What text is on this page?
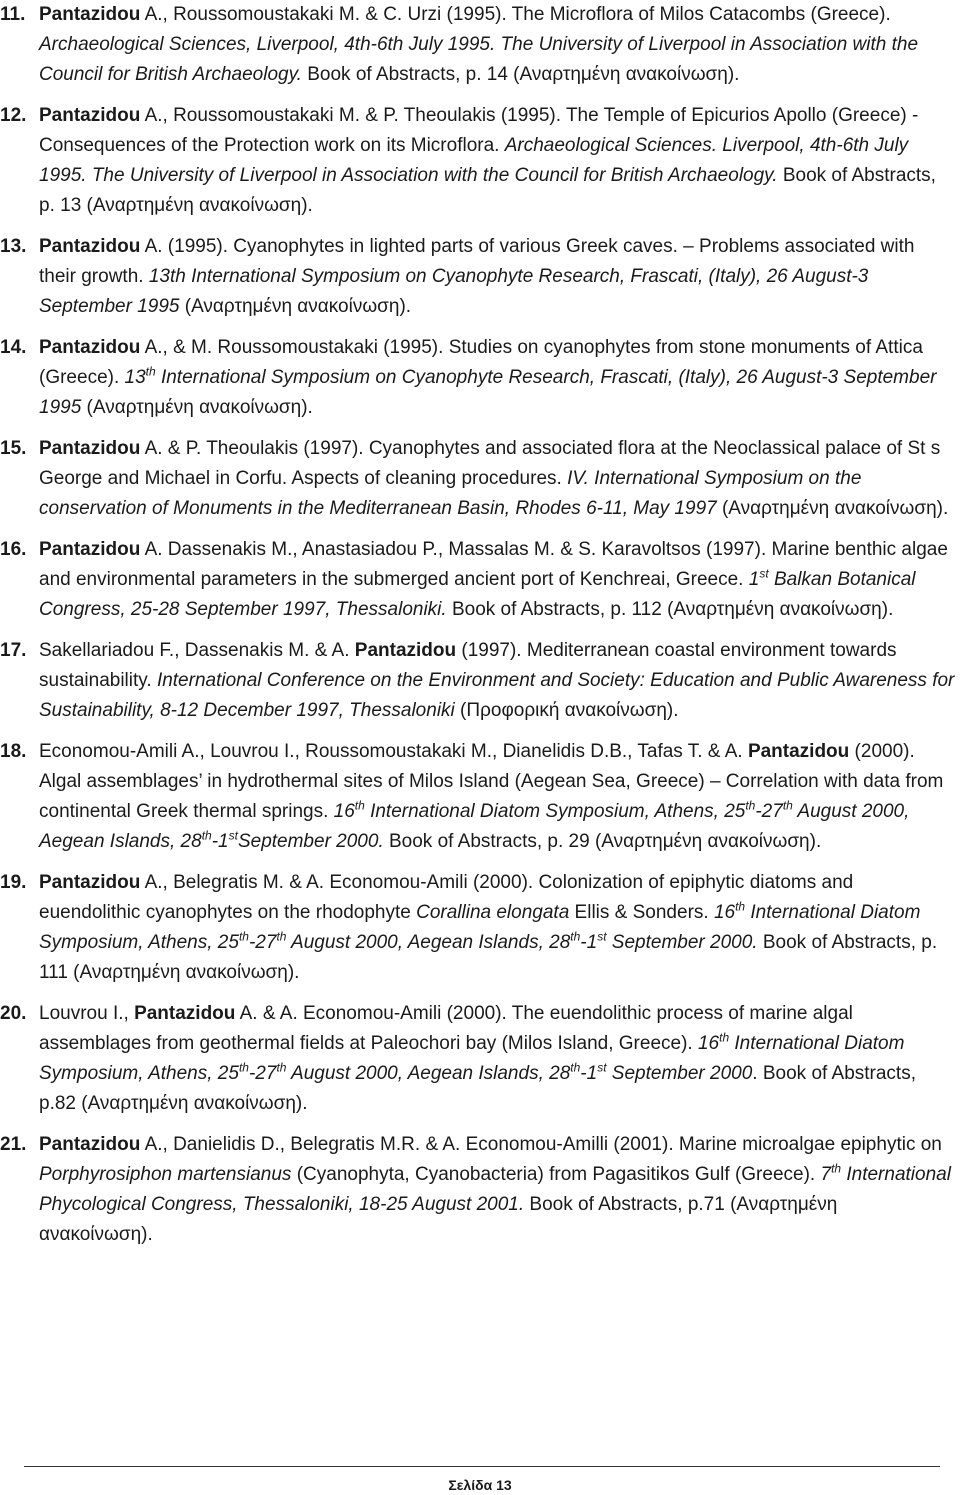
11. Pantazidou A., Roussomoustakaki M. & C. Urzi (1995). The Microflora of Milos Catacombs (Greece). Archaeological Sciences, Liverpool, 4th-6th July 1995. The University of Liverpool in Association with the Council for British Archaeology. Book of Abstracts, p. 14 (Αναρτημένη ανακοίνωση).
12. Pantazidou A., Roussomoustakaki M. & P. Theoulakis (1995). The Temple of Epicurios Apollo (Greece) - Consequences of the Protection work on its Microflora. Archaeological Sciences. Liverpool, 4th-6th July 1995. The University of Liverpool in Association with the Council for British Archaeology. Book of Abstracts, p. 13 (Αναρτημένη ανακοίνωση).
13. Pantazidou A. (1995). Cyanophytes in lighted parts of various Greek caves. – Problems associated with their growth. 13th International Symposium on Cyanophyte Research, Frascati, (Italy), 26 August-3 September 1995 (Αναρτημένη ανακοίνωση).
14. Pantazidou A., & M. Roussomoustakaki (1995). Studies on cyanophytes from stone monuments of Attica (Greece). 13th International Symposium on Cyanophyte Research, Frascati, (Italy), 26 August-3 September 1995 (Αναρτημένη ανακοίνωση).
15. Pantazidou A. & P. Theoulakis (1997). Cyanophytes and associated flora at the Neoclassical palace of St s George and Michael in Corfu. Aspects of cleaning procedures. IV. International Symposium on the conservation of Monuments in the Mediterranean Basin, Rhodes 6-11, May 1997 (Αναρτημένη ανακοίνωση).
16. Pantazidou A. Dassenakis M., Anastasiadou P., Massalas M. & S. Karavoltsos (1997). Marine benthic algae and environmental parameters in the submerged ancient port of Kenchreai, Greece. 1st Balkan Botanical Congress, 25-28 September 1997, Thessaloniki. Book of Abstracts, p. 112 (Αναρτημένη ανακοίνωση).
17. Sakellariadou F., Dassenakis M. & A. Pantazidou (1997). Mediterranean coastal environment towards sustainability. International Conference on the Environment and Society: Education and Public Awareness for Sustainability, 8-12 December 1997, Thessaloniki (Προφορική ανακοίνωση).
18. Economou-Amili A., Louvrou I., Roussomoustakaki M., Dianelidis D.B., Tafas T. & A. Pantazidou (2000). Algal assemblages’ in hydrothermal sites of Milos Island (Aegean Sea, Greece) – Correlation with data from continental Greek thermal springs. 16th International Diatom Symposium, Athens, 25th-27th August 2000, Aegean Islands, 28th-1stSeptember 2000. Book of Abstracts, p. 29 (Αναρτημένη ανακοίνωση).
19. Pantazidou A., Belegratis M. & A. Economou-Amili (2000). Colonization of epiphytic diatoms and euendolithic cyanophytes on the rhodophyte Corallina elongata Ellis & Sonders. 16th International Diatom Symposium, Athens, 25th-27th August 2000, Aegean Islands, 28th-1st September 2000. Book of Abstracts, p. 111 (Αναρτημένη ανακοίνωση).
20. Louvrou I., Pantazidou A. & A. Economou-Amili (2000). The euendolithic process of marine algal assemblages from geothermal fields at Paleochori bay (Milos Island, Greece). 16th International Diatom Symposium, Athens, 25th-27th August 2000, Aegean Islands, 28th-1st September 2000. Book of Abstracts, p.82 (Αναρτημένη ανακοίνωση).
21. Pantazidou A., Danielidis D., Belegratis M.R. & A. Economou-Amilli (2001). Marine microalgae epiphytic on Porphyrosiphon martensianus (Cyanophyta, Cyanobacteria) from Pagasitikos Gulf (Greece). 7th International Phycological Congress, Thessaloniki, 18-25 August 2001. Book of Abstracts, p.71 (Αναρτημένη ανακοίνωση).
Σελίδα 13
